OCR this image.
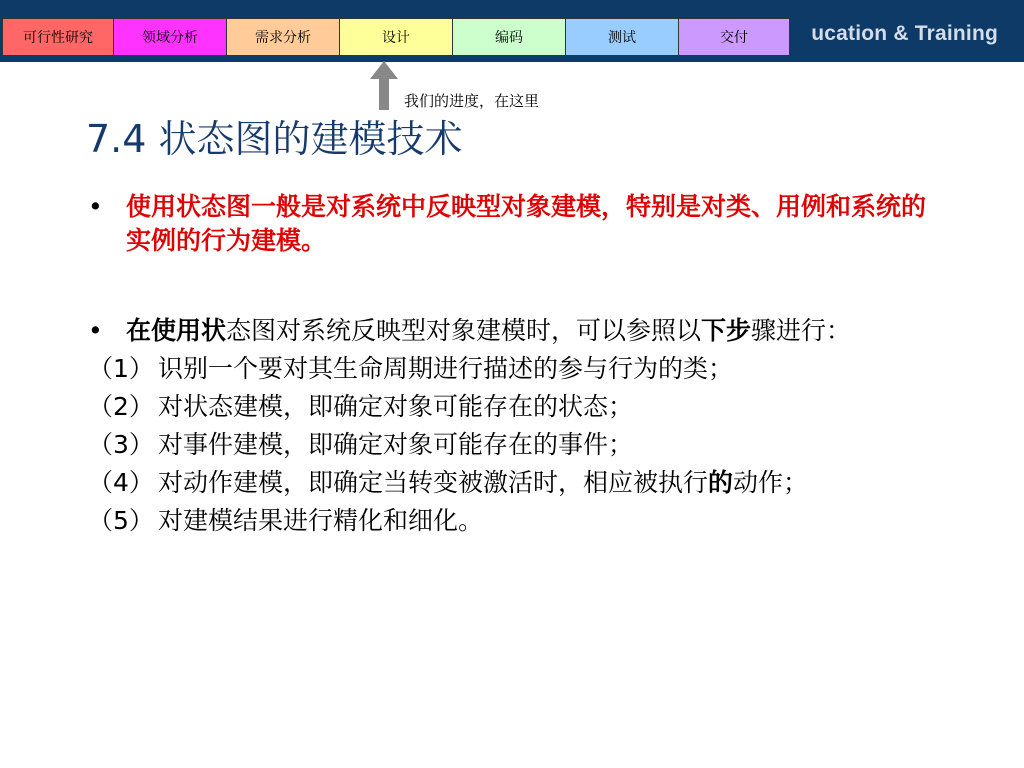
ucation & Training
可行性研究	领域分析	需求分析	设计	编码	测试	交付
我们的进度，在这里
7.4 状态图的建模技术
• 使用状态图一般是对系统中反映型对象建模，特别是对类、用例和系统的实例的行为建模。
• 在使用状态图对系统反映型对象建模时，可以参照以下步骤进行：
（1） 识别一个要对其生命周期进行描述的参与行为的类；
（2） 对状态建模，即确定对象可能存在的状态；
（3） 对事件建模，即确定对象可能存在的事件；
（4） 对动作建模，即确定当转变被激活时，相应被执行的动作；
（5） 对建模结果进行精化和细化。
